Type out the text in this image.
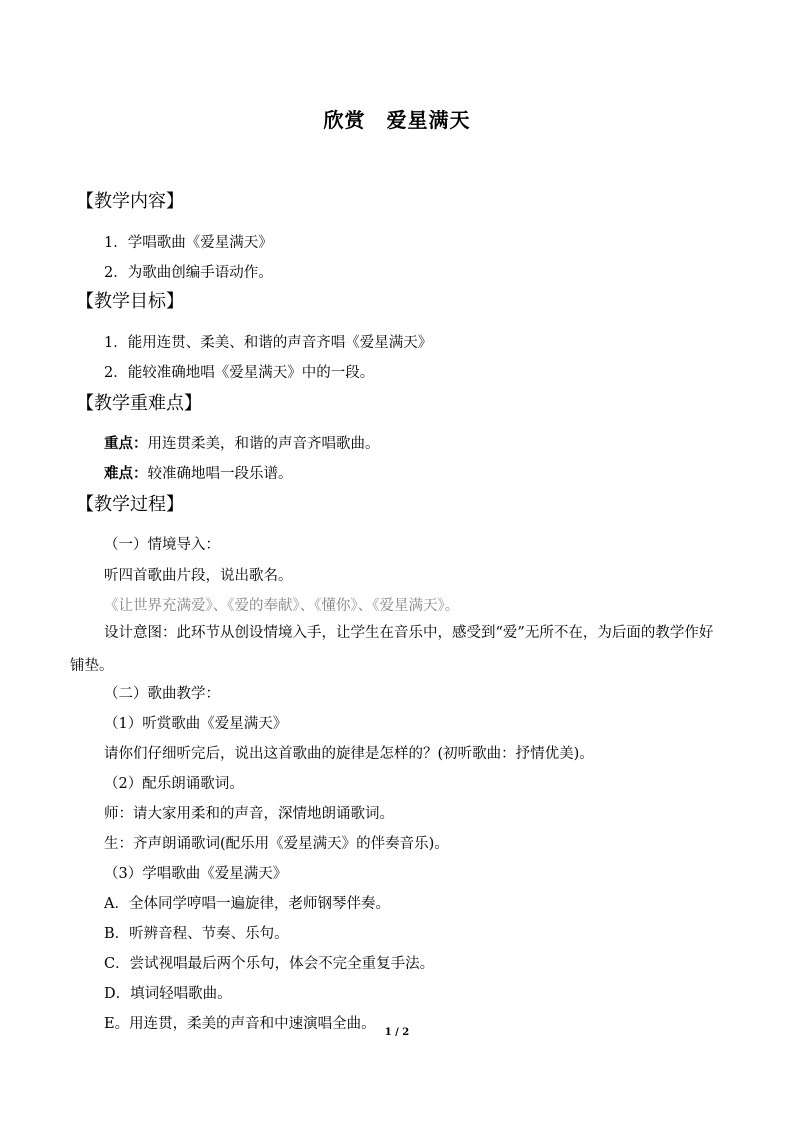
欣赏　爱星满天
【教学内容】
1．学唱歌曲《爱星满天》
2．为歌曲创编手语动作。
【教学目标】
1．能用连贯、柔美、和谐的声音齐唱《爱星满天》
2．能较准确地唱《爱星满天》中的一段。
【教学重难点】
重点：用连贯柔美，和谐的声音齐唱歌曲。
难点：较准确地唱一段乐谱。
【教学过程】
（一）情境导入：
听四首歌曲片段，说出歌名。
《让世界充满爱》、《爱的奉献》、《懂你》、《爱星满天》。
设计意图：此环节从创设情境入手，让学生在音乐中，感受到“爱”无所不在，为后面的教学作好铺垫。
（二）歌曲教学：
（1）听赏歌曲《爱星满天》
请你们仔细听完后，说出这首歌曲的旋律是怎样的？(初听歌曲：抒情优美)。
（2）配乐朗诵歌词。
师：请大家用柔和的声音，深情地朗诵歌词。
生：齐声朗诵歌词(配乐用《爱星满天》的伴奏音乐)。
（3）学唱歌曲《爱星满天》
A．全体同学哼唱一遍旋律，老师钢琴伴奏。
B．听辨音程、节奏、乐句。
C．尝试视唱最后两个乐句，体会不完全重复手法。
D．填词轻唱歌曲。
E。用连贯，柔美的声音和中速演唱全曲。
1 / 2
